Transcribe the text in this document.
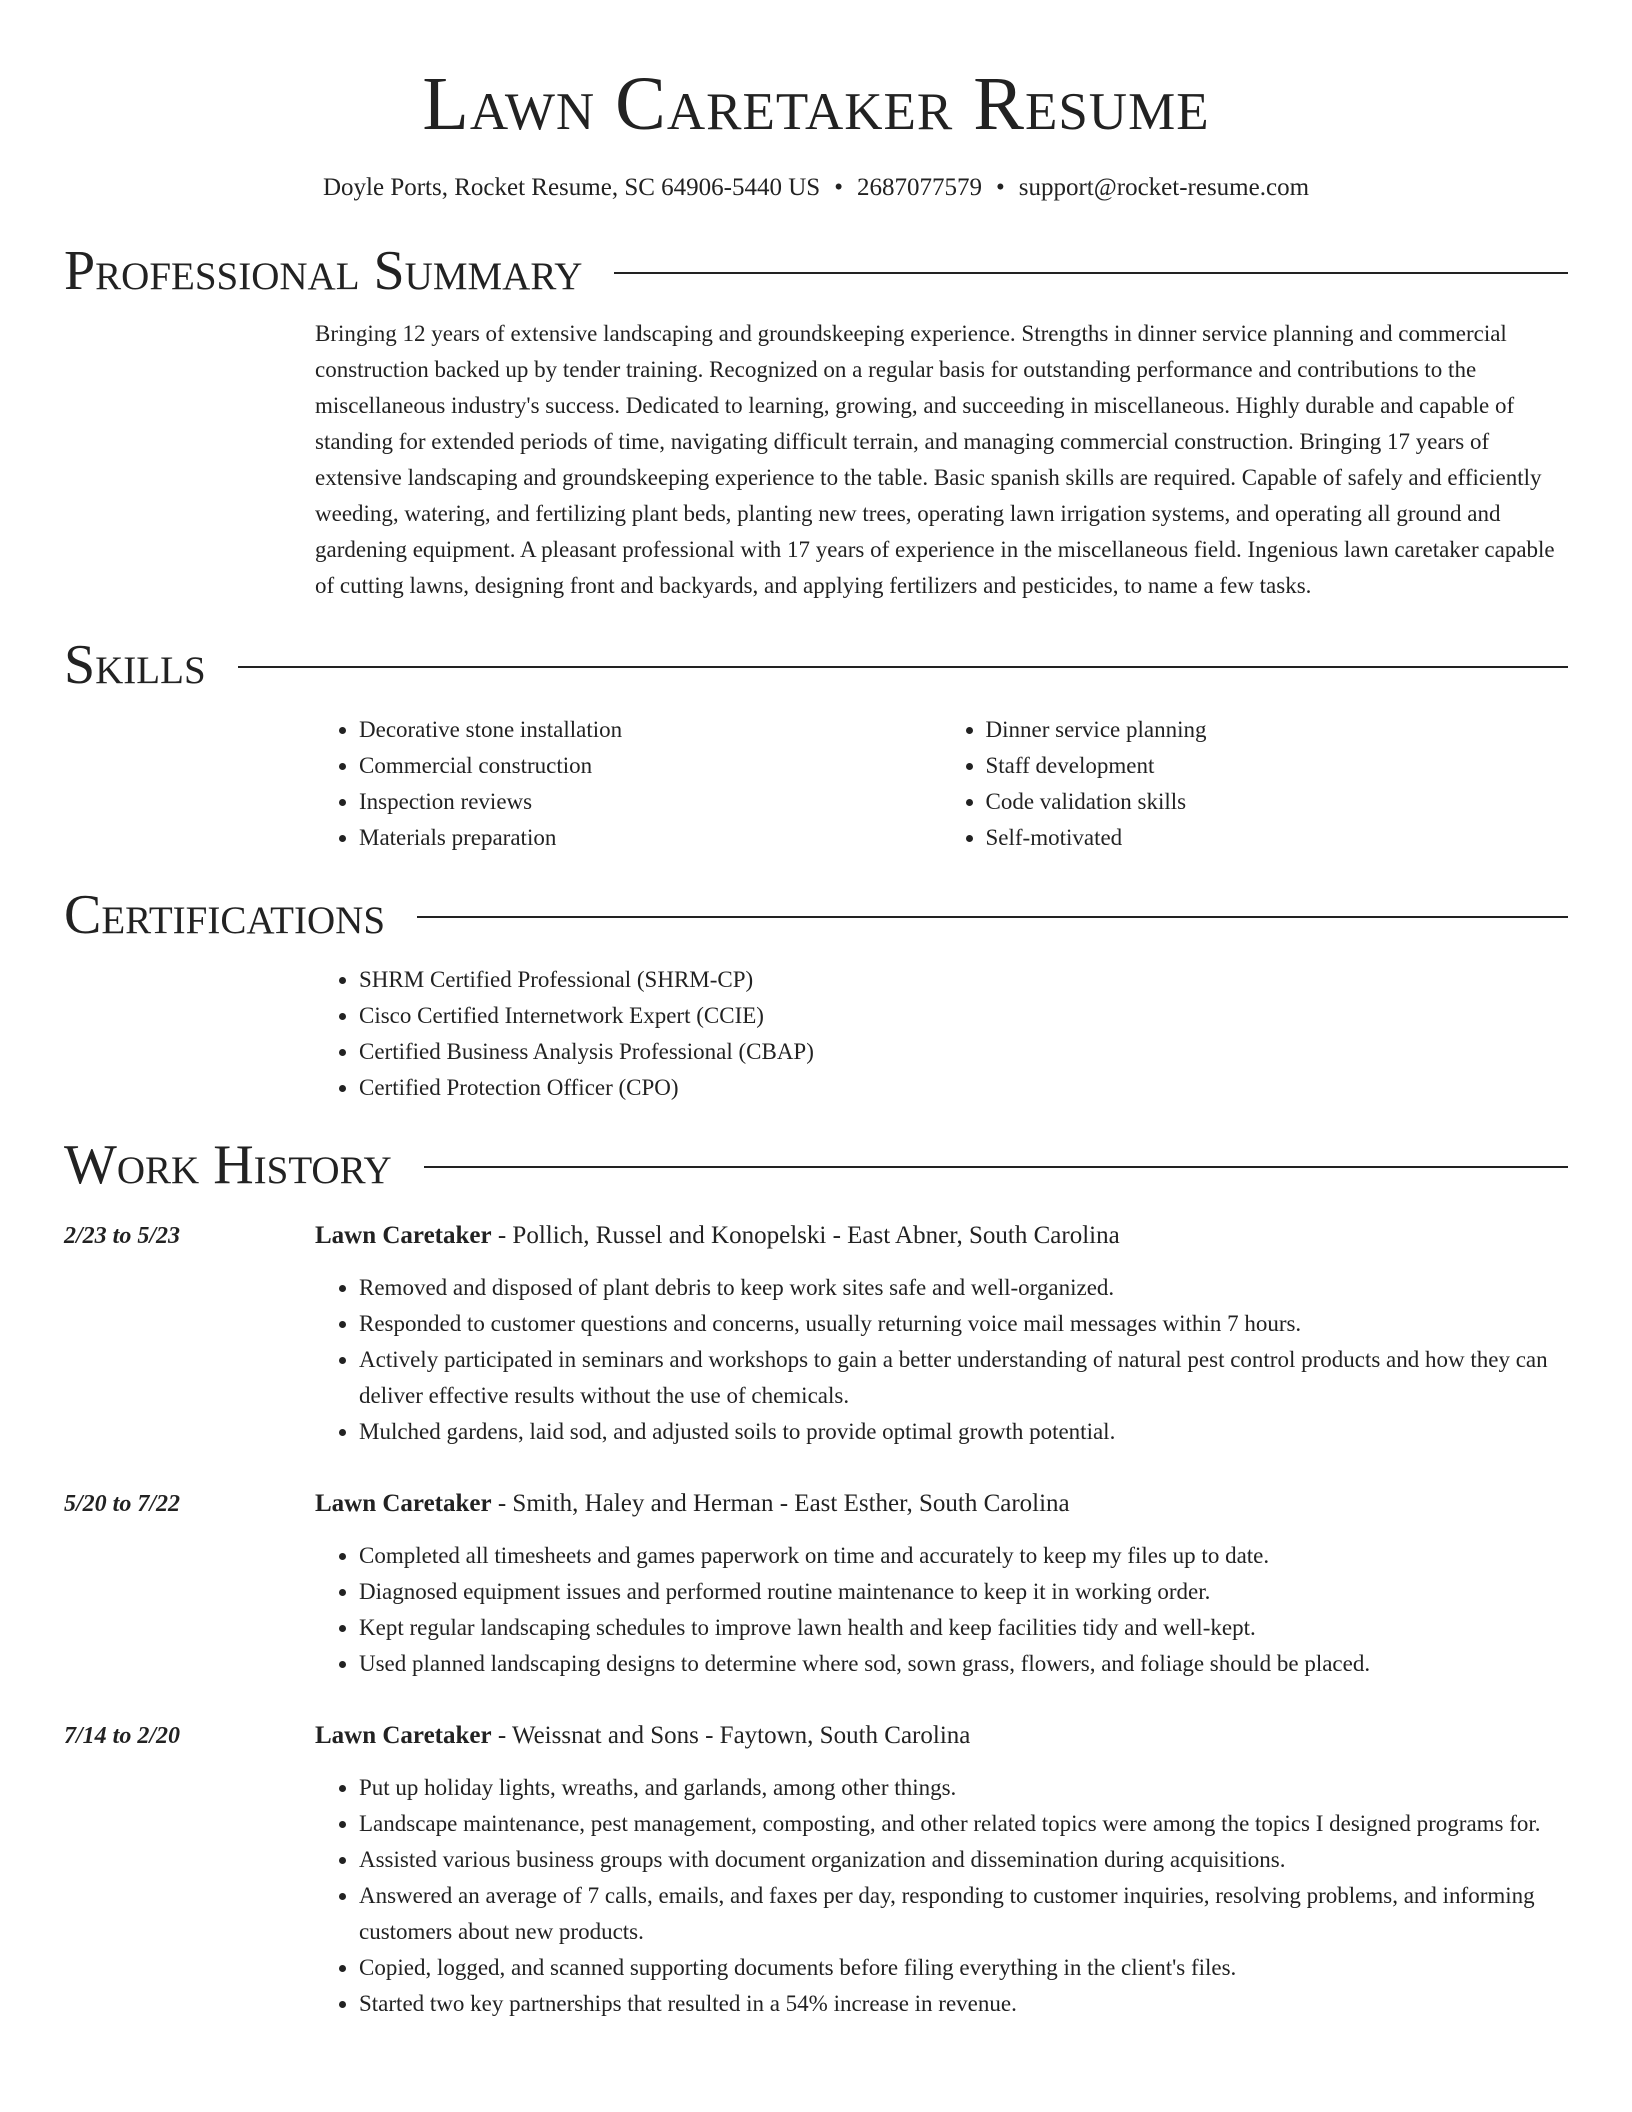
Lawn Caretaker Resume
Doyle Ports, Rocket Resume, SC 64906-5440 US • 2687077579 • support@rocket-resume.com
Professional Summary

Bringing 12 years of extensive landscaping and groundskeeping experience. Strengths in dinner service planning and commercial construction backed up by tender training. Recognized on a regular basis for outstanding performance and contributions to the miscellaneous industry's success. Dedicated to learning, growing, and succeeding in miscellaneous. Highly durable and capable of standing for extended periods of time, navigating difficult terrain, and managing commercial construction. Bringing 17 years of extensive landscaping and groundskeeping experience to the table. Basic spanish skills are required. Capable of safely and efficiently weeding, watering, and fertilizing plant beds, planting new trees, operating lawn irrigation systems, and operating all ground and gardening equipment. A pleasant professional with 17 years of experience in the miscellaneous field. Ingenious lawn caretaker capable of cutting lawns, designing front and backyards, and applying fertilizers and pesticides, to name a few tasks.

Skills
• Decorative stone installation
• Commercial construction
• Inspection reviews
• Materials preparation
• Dinner service planning
• Staff development
• Code validation skills
• Self-motivated
Certifications
• SHRM Certified Professional (SHRM-CP)
• Cisco Certified Internetwork Expert (CCIE)
• Certified Business Analysis Professional (CBAP)
• Certified Protection Officer (CPO)
Work History
2/23 to 5/23	Lawn Caretaker - Pollich, Russel and Konopelski - East Abner, South Carolina
• Removed and disposed of plant debris to keep work sites safe and well-organized.
• Responded to customer questions and concerns, usually returning voice mail messages within 7 hours.
• Actively participated in seminars and workshops to gain a better understanding of natural pest control products and how they can deliver effective results without the use of chemicals.
• Mulched gardens, laid sod, and adjusted soils to provide optimal growth potential.
5/20 to 7/22	Lawn Caretaker - Smith, Haley and Herman - East Esther, South Carolina
• Completed all timesheets and games paperwork on time and accurately to keep my files up to date.
• Diagnosed equipment issues and performed routine maintenance to keep it in working order.
• Kept regular landscaping schedules to improve lawn health and keep facilities tidy and well-kept.
• Used planned landscaping designs to determine where sod, sown grass, flowers, and foliage should be placed.
7/14 to 2/20	Lawn Caretaker - Weissnat and Sons - Faytown, South Carolina
• Put up holiday lights, wreaths, and garlands, among other things.
• Landscape maintenance, pest management, composting, and other related topics were among the topics I designed programs for.
• Assisted various business groups with document organization and dissemination during acquisitions.
• Answered an average of 7 calls, emails, and faxes per day, responding to customer inquiries, resolving problems, and informing customers about new products.
• Copied, logged, and scanned supporting documents before filing everything in the client's files.
• Started two key partnerships that resulted in a 54% increase in revenue.
